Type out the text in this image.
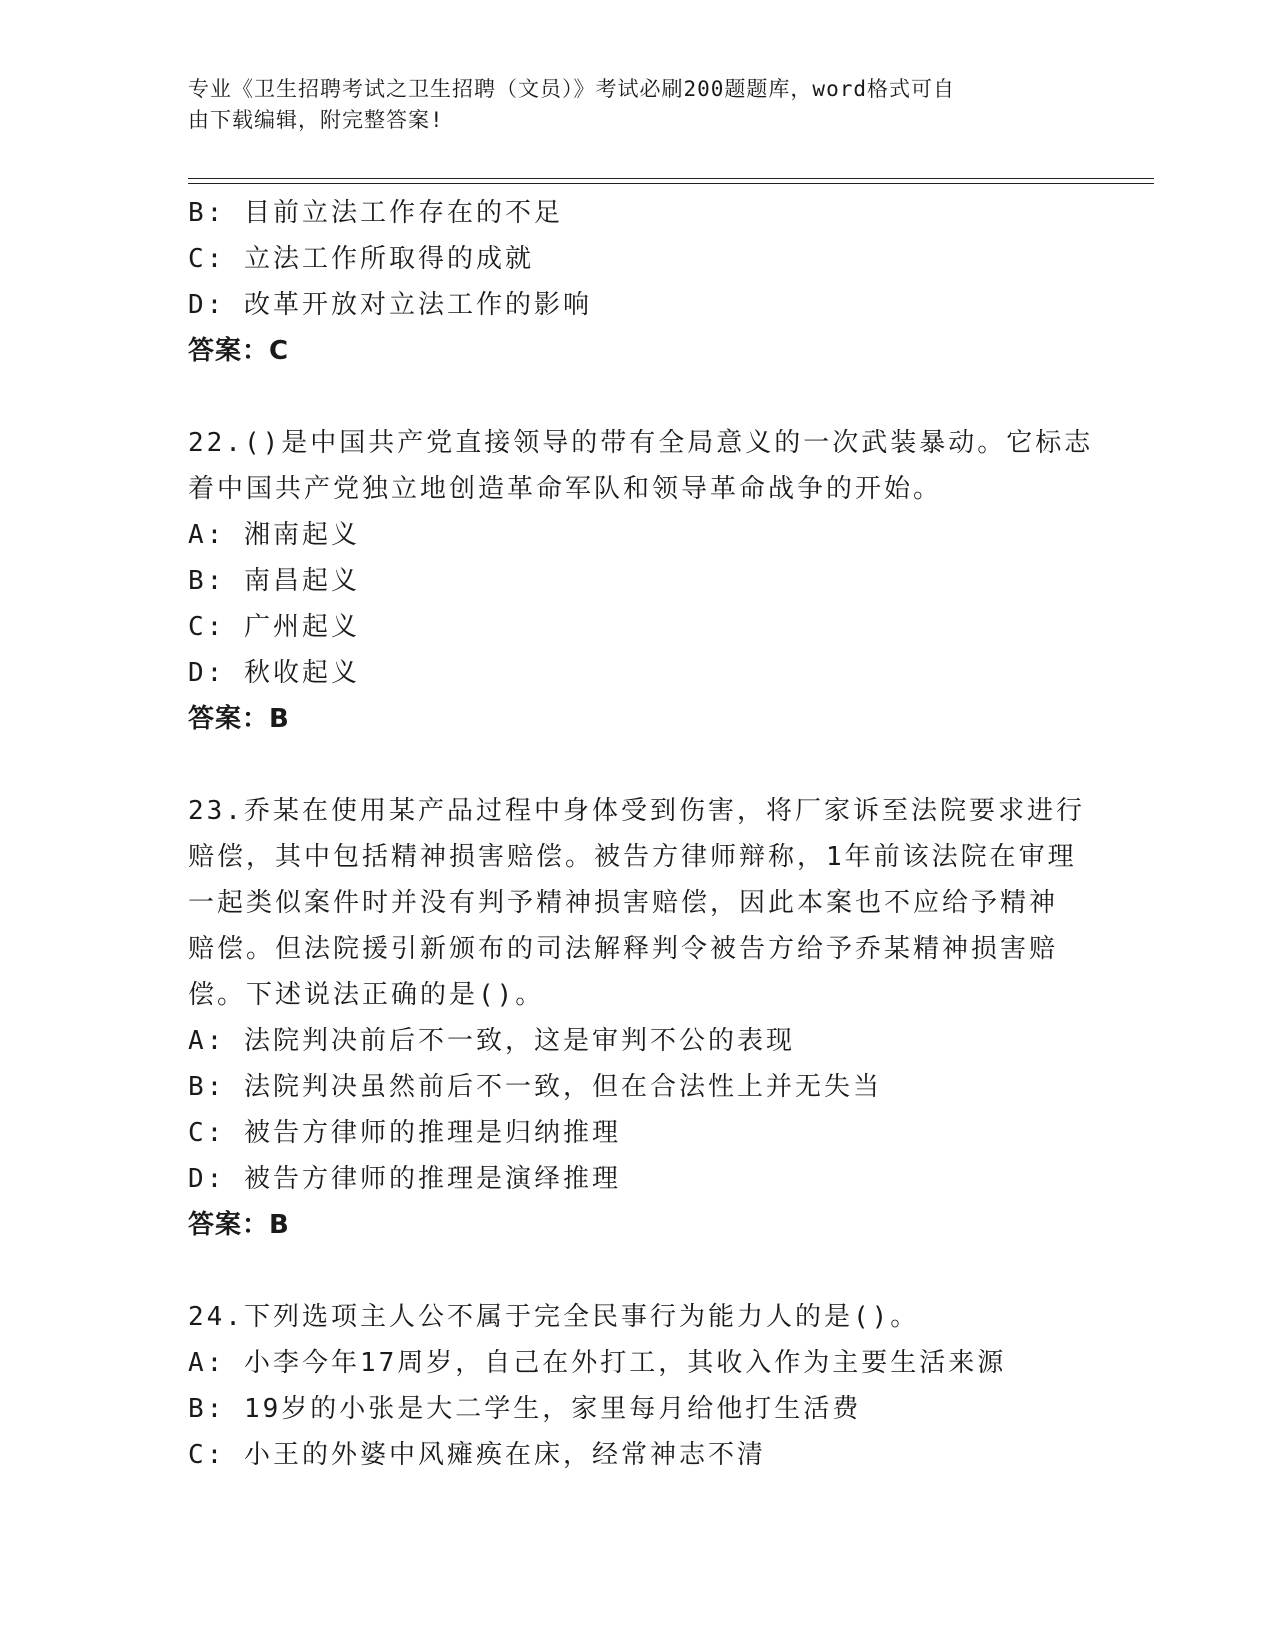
专业《卫生招聘考试之卫生招聘（文员）》考试必刷200题题库，word格式可自
由下载编辑，附完整答案!
B: 目前立法工作存在的不足
C: 立法工作所取得的成就
D: 改革开放对立法工作的影响
答案：C
22.()是中国共产党直接领导的带有全局意义的一次武装暴动。它标志
着中国共产党独立地创造革命军队和领导革命战争的开始。
A: 湘南起义
B: 南昌起义
C: 广州起义
D: 秋收起义
答案：B
23.乔某在使用某产品过程中身体受到伤害，将厂家诉至法院要求进行
赔偿，其中包括精神损害赔偿。被告方律师辩称，1年前该法院在审理
一起类似案件时并没有判予精神损害赔偿，因此本案也不应给予精神
赔偿。但法院援引新颁布的司法解释判令被告方给予乔某精神损害赔
偿。下述说法正确的是()。
A: 法院判决前后不一致，这是审判不公的表现
B: 法院判决虽然前后不一致，但在合法性上并无失当
C: 被告方律师的推理是归纳推理
D: 被告方律师的推理是演绎推理
答案：B
24.下列选项主人公不属于完全民事行为能力人的是()。
A: 小李今年17周岁，自己在外打工，其收入作为主要生活来源
B: 19岁的小张是大二学生，家里每月给他打生活费
C: 小王的外婆中风瘫痪在床，经常神志不清
